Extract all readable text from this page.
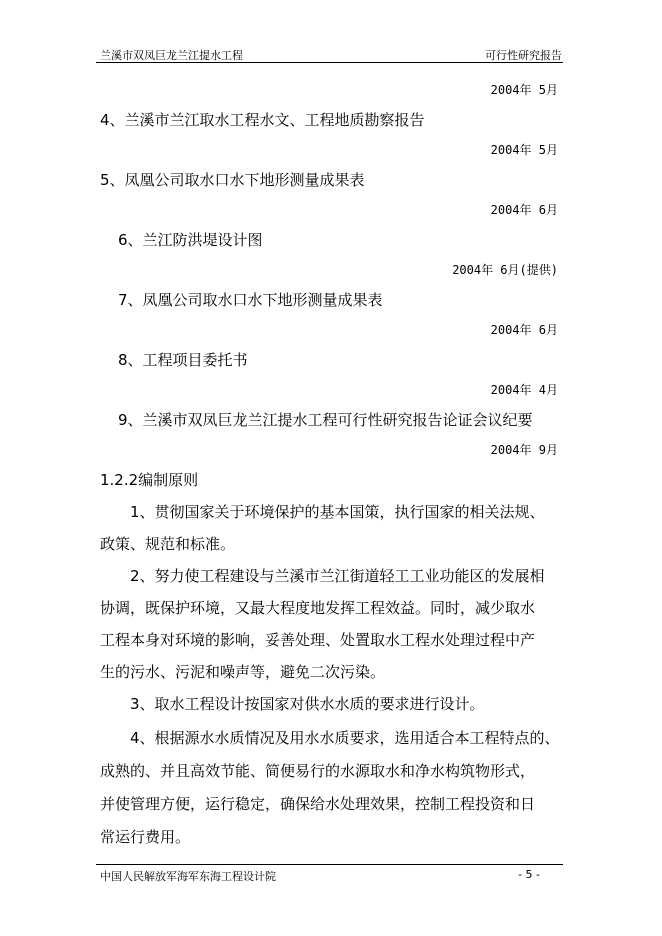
兰溪市双凤巨龙兰江提水工程	可行性研究报告
2004年 5月
4、兰溪市兰江取水工程水文、工程地质勘察报告
2004年 5月
5、凤凰公司取水口水下地形测量成果表
2004年 6月
6、兰江防洪堤设计图
2004年 6月(提供)
7、凤凰公司取水口水下地形测量成果表
2004年 6月
8、工程项目委托书
2004年 4月
9、兰溪市双凤巨龙兰江提水工程可行性研究报告论证会议纪要
2004年 9月
1.2.2编制原则
1、贯彻国家关于环境保护的基本国策，执行国家的相关法规、
政策、规范和标准。
2、努力使工程建设与兰溪市兰江街道轻工工业功能区的发展相
协调，既保护环境，又最大程度地发挥工程效益。同时，减少取水
工程本身对环境的影响，妥善处理、处置取水工程水处理过程中产
生的污水、污泥和噪声等，避免二次污染。
3、取水工程设计按国家对供水水质的要求进行设计。
4、根据源水水质情况及用水水质要求，选用适合本工程特点的、
成熟的、并且高效节能、简便易行的水源取水和净水构筑物形式，
并使管理方便，运行稳定，确保给水处理效果，控制工程投资和日
常运行费用。
中国人民解放军海军东海工程设计院	- 5 -
